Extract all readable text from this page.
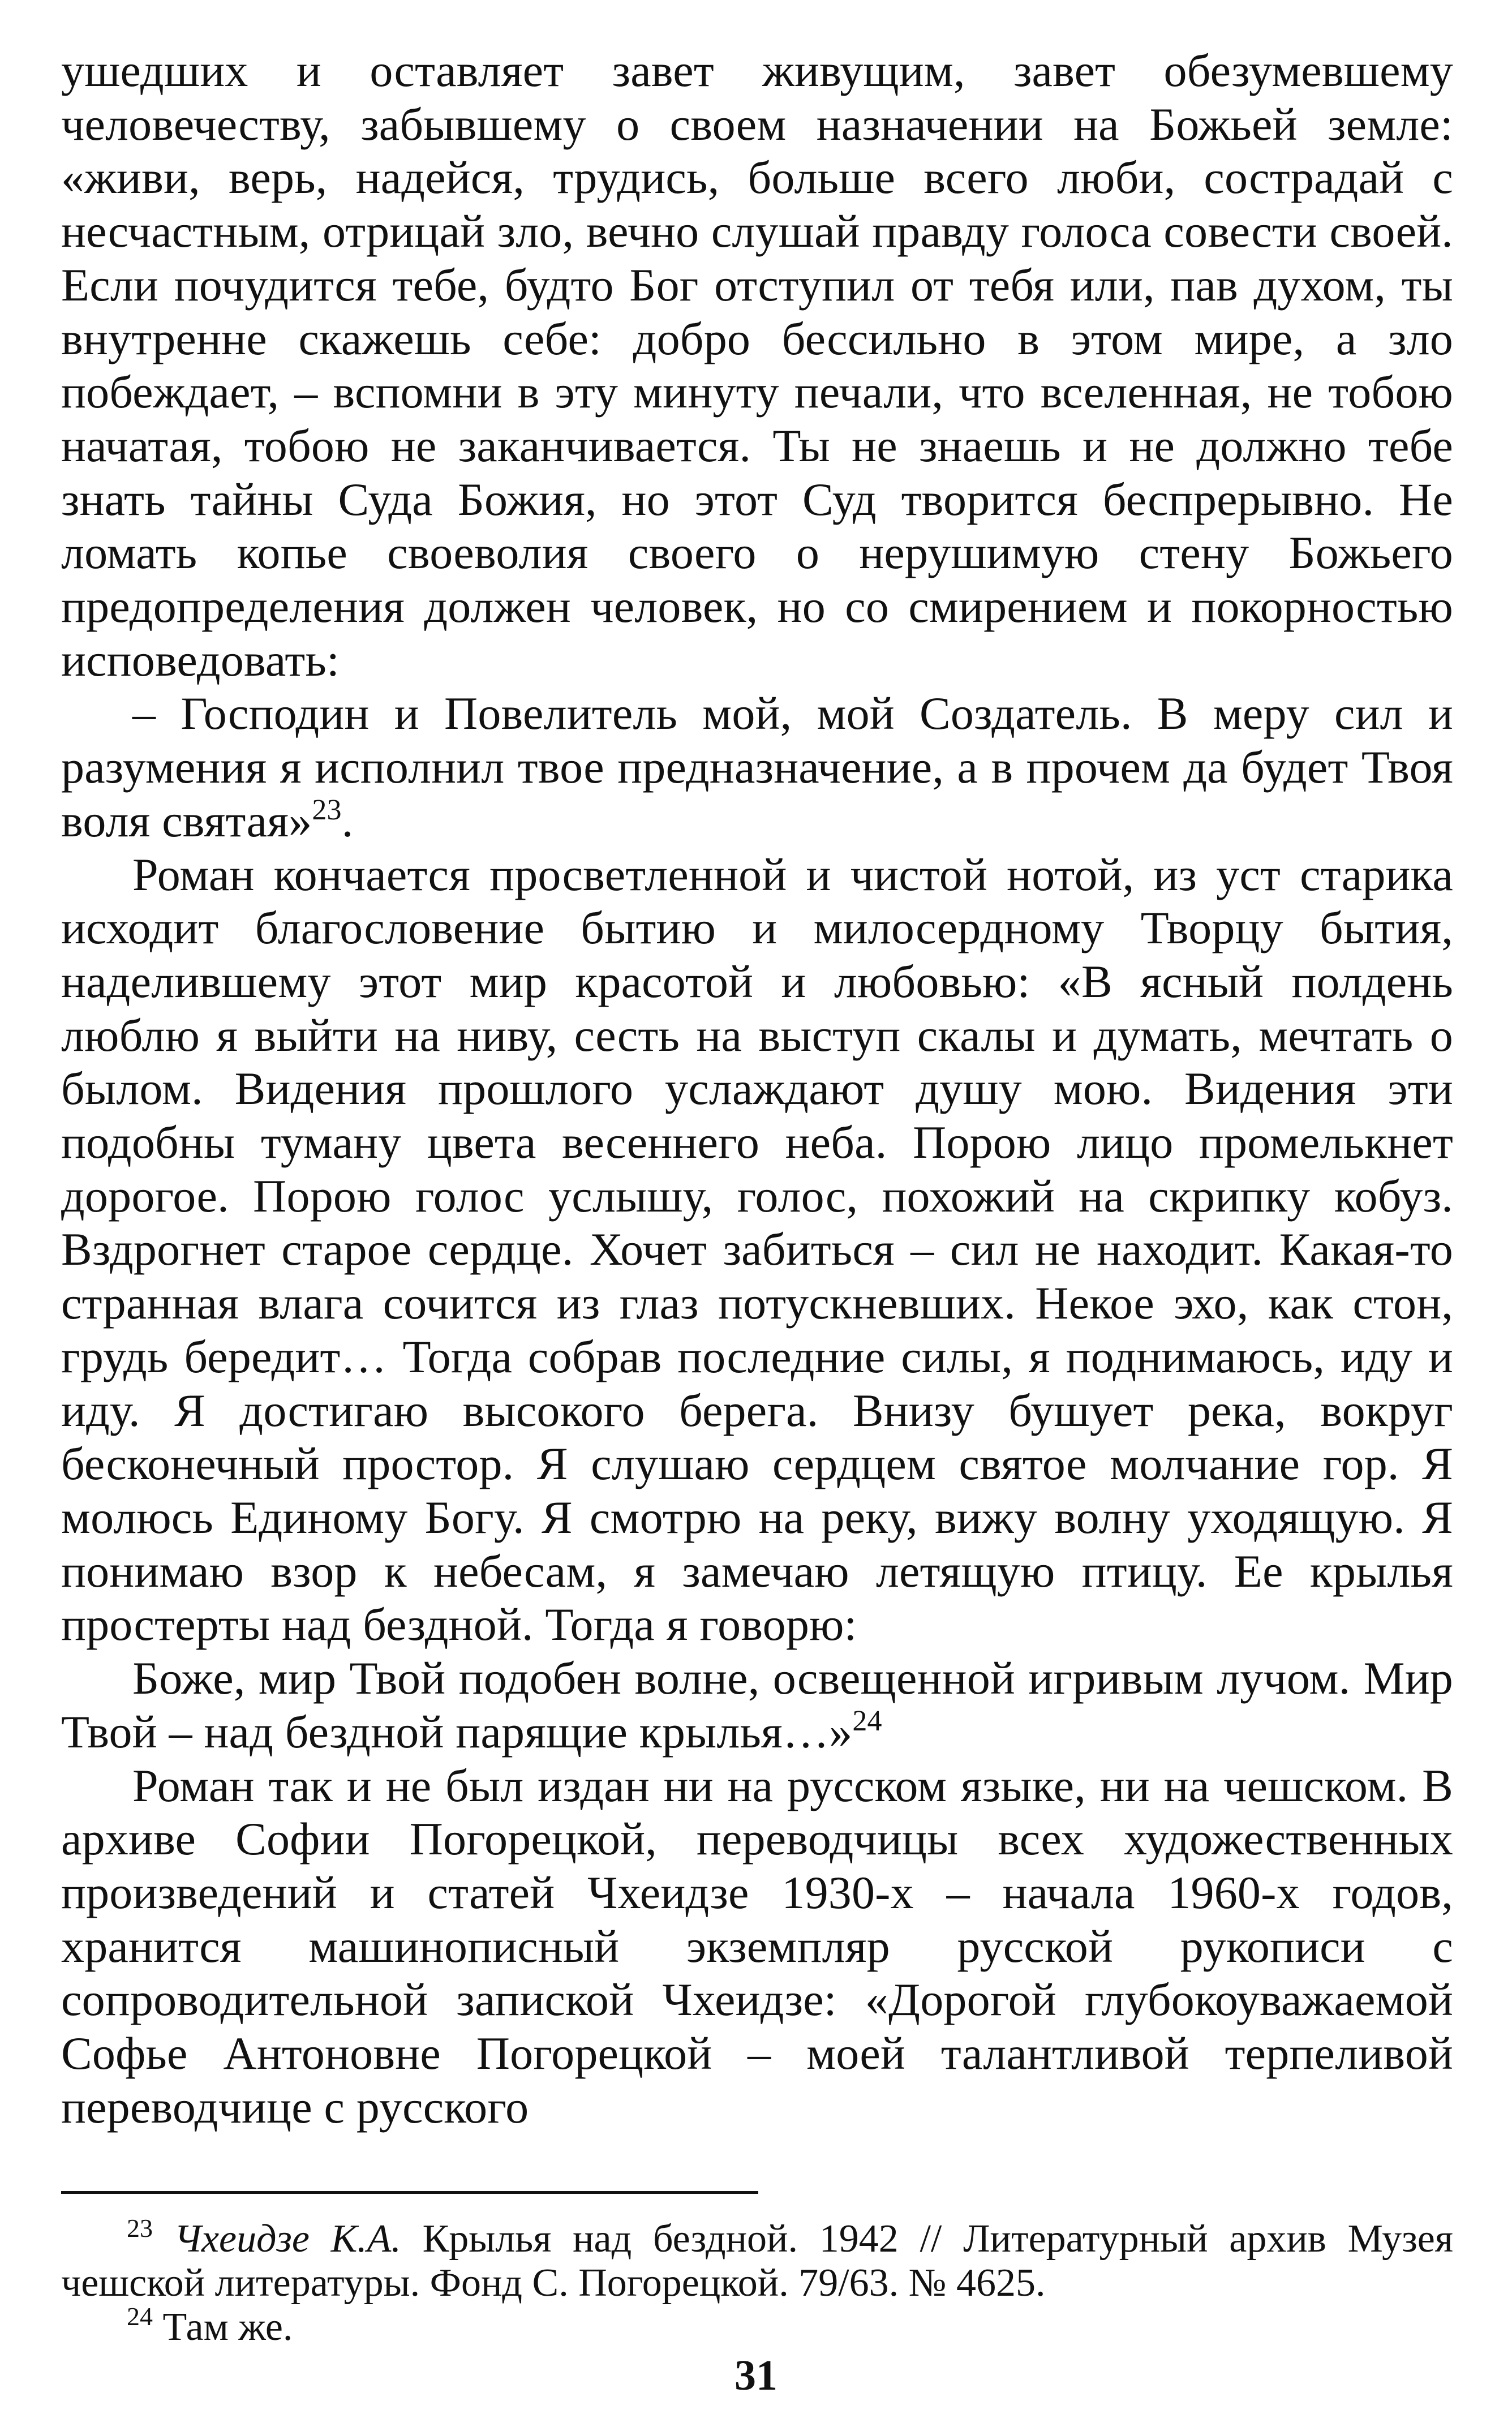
ушедших и оставляет завет живущим, завет обезумевшему человечеству, забывшему о своем назначении на Божьей земле: «живи, верь, надейся, трудись, больше всего люби, сострадай с несчастным, отрицай зло, вечно слушай правду голоса совести своей. Если почудится тебе, будто Бог отступил от тебя или, пав духом, ты внутренне скажешь себе: добро бессильно в этом мире, а зло побеждает, – вспомни в эту минуту печали, что вселенная, не тобою начатая, тобою не заканчивается. Ты не знаешь и не должно тебе знать тайны Суда Божия, но этот Суд творится беспрерывно. Не ломать копье своеволия своего о нерушимую стену Божьего предопределения должен человек, но со смирением и покорностью исповедовать:

– Господин и Повелитель мой, мой Создатель. В меру сил и разумения я исполнил твое предназначение, а в прочем да будет Твоя воля святая»$^{23}$.

Роман кончается просветленной и чистой нотой, из уст старика исходит благословение бытию и милосердному Творцу бытия, наделившему этот мир красотой и любовью: «В ясный полдень люблю я выйти на ниву, сесть на выступ скалы и думать, мечтать о былом. Видения прошлого услаждают душу мою. Видения эти подобны туману цвета весеннего неба. Порою лицо промелькнет дорогое. Порою голос услышу, голос, похожий на скрипку кобуз. Вздрогнет старое сердце. Хочет забиться – сил не находит. Какая-то странная влага сочится из глаз потускневших. Некое эхо, как стон, грудь бередит… Тогда собрав последние силы, я поднимаюсь, иду и иду. Я достигаю высокого берега. Внизу бушует река, вокруг бесконечный простор. Я слушаю сердцем святое молчание гор. Я молюсь Единому Богу. Я смотрю на реку, вижу волну уходящую. Я понимаю взор к небесам, я замечаю летящую птицу. Ее крылья простерты над бездной. Тогда я говорю:

Боже, мир Твой подобен волне, освещенной игривым лучом. Мир Твой – над бездной парящие крылья…»$^{24}$

Роман так и не был издан ни на русском языке, ни на чешском. В архиве Софии Погорецкой, переводчицы всех художественных произведений и статей Чхеидзе 1930-х – начала 1960-х годов, хранится машинописный экземпляр русской рукописи с сопроводительной запиской Чхеидзе: «Дорогой глубокоуважаемой Софье Антоновне Погорецкой – моей талантливой терпеливой переводчице с русского

$^{23}$ Чхеидзе К.А. Крылья над бездной. 1942 // Литературный архив Музея чешской литературы. Фонд С. Погорецкой. 79/63. № 4625.

$^{24}$ Там же.

31
